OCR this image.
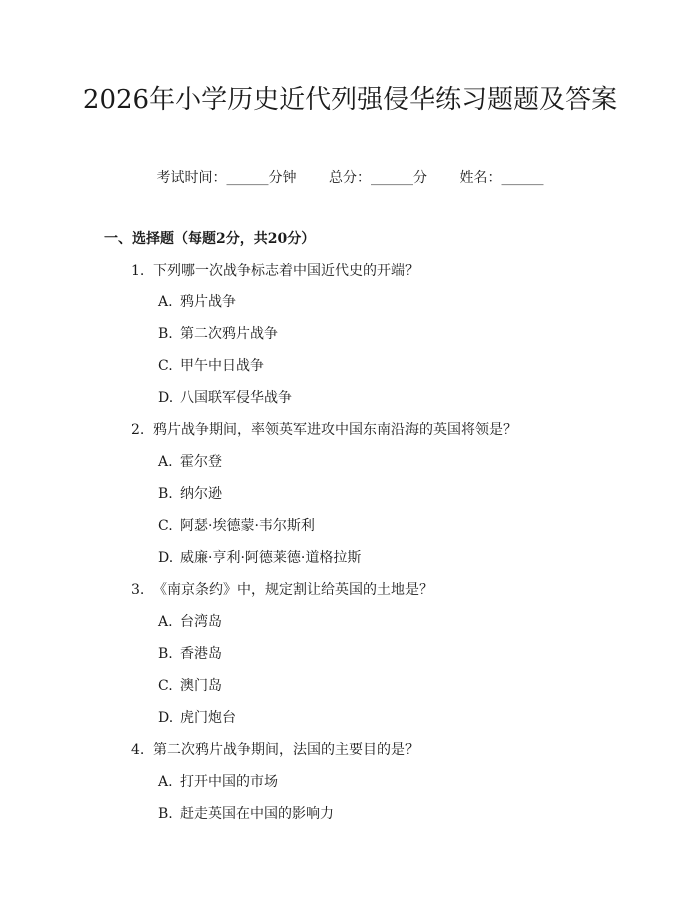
2026年小学历史近代列强侵华练习题题及答案
考试时间：______分钟 总分：______分 姓名：______
一、选择题（每题2分，共20分）
1. 下列哪一次战争标志着中国近代史的开端？
A. 鸦片战争
B. 第二次鸦片战争
C. 甲午中日战争
D. 八国联军侵华战争
2. 鸦片战争期间，率领英军进攻中国东南沿海的英国将领是？
A. 霍尔登
B. 纳尔逊
C. 阿瑟·埃德蒙·韦尔斯利
D. 威廉·亨利·阿德莱德·道格拉斯
3. 《南京条约》中，规定割让给英国的土地是？
A. 台湾岛
B. 香港岛
C. 澳门岛
D. 虎门炮台
4. 第二次鸦片战争期间，法国的主要目的是？
A. 打开中国的市场
B. 赶走英国在中国的影响力
